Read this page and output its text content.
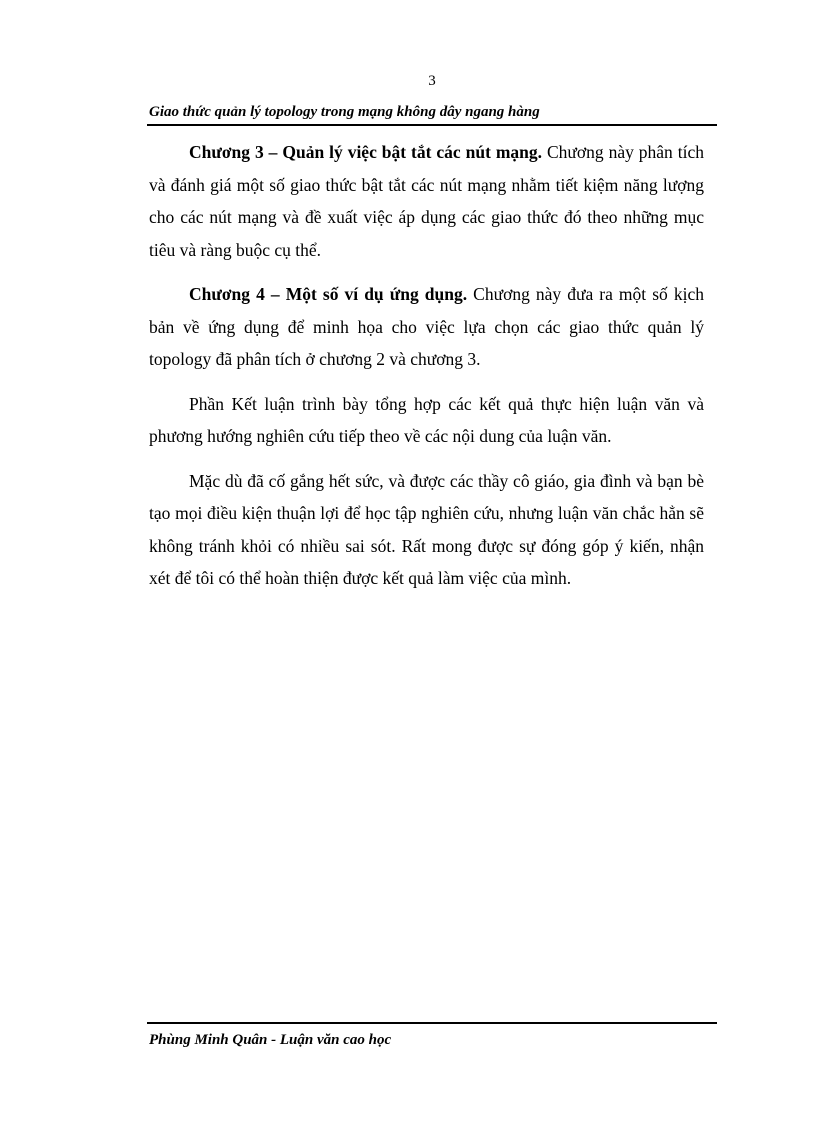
3
Giao thức quản lý topology trong mạng không dây ngang hàng

Chương 3 – Quản lý việc bật tắt các nút mạng. Chương này phân tích và đánh giá một số giao thức bật tắt các nút mạng nhằm tiết kiệm năng lượng cho các nút mạng và đề xuất việc áp dụng các giao thức đó theo những mục tiêu và ràng buộc cụ thể.

Chương 4 – Một số ví dụ ứng dụng. Chương này đưa ra một số kịch bản về ứng dụng để minh họa cho việc lựa chọn các giao thức quản lý topology đã phân tích ở chương 2 và chương 3.

Phần Kết luận trình bày tổng hợp các kết quả thực hiện luận văn và phương hướng nghiên cứu tiếp theo về các nội dung của luận văn.

Mặc dù đã cố gắng hết sức, và được các thầy cô giáo, gia đình và bạn bè tạo mọi điều kiện thuận lợi để học tập nghiên cứu, nhưng luận văn chắc hẳn sẽ không tránh khỏi có nhiều sai sót. Rất mong được sự đóng góp ý kiến, nhận xét để tôi có thể hoàn thiện được kết quả làm việc của mình.

Phùng Minh Quân - Luận văn cao học
